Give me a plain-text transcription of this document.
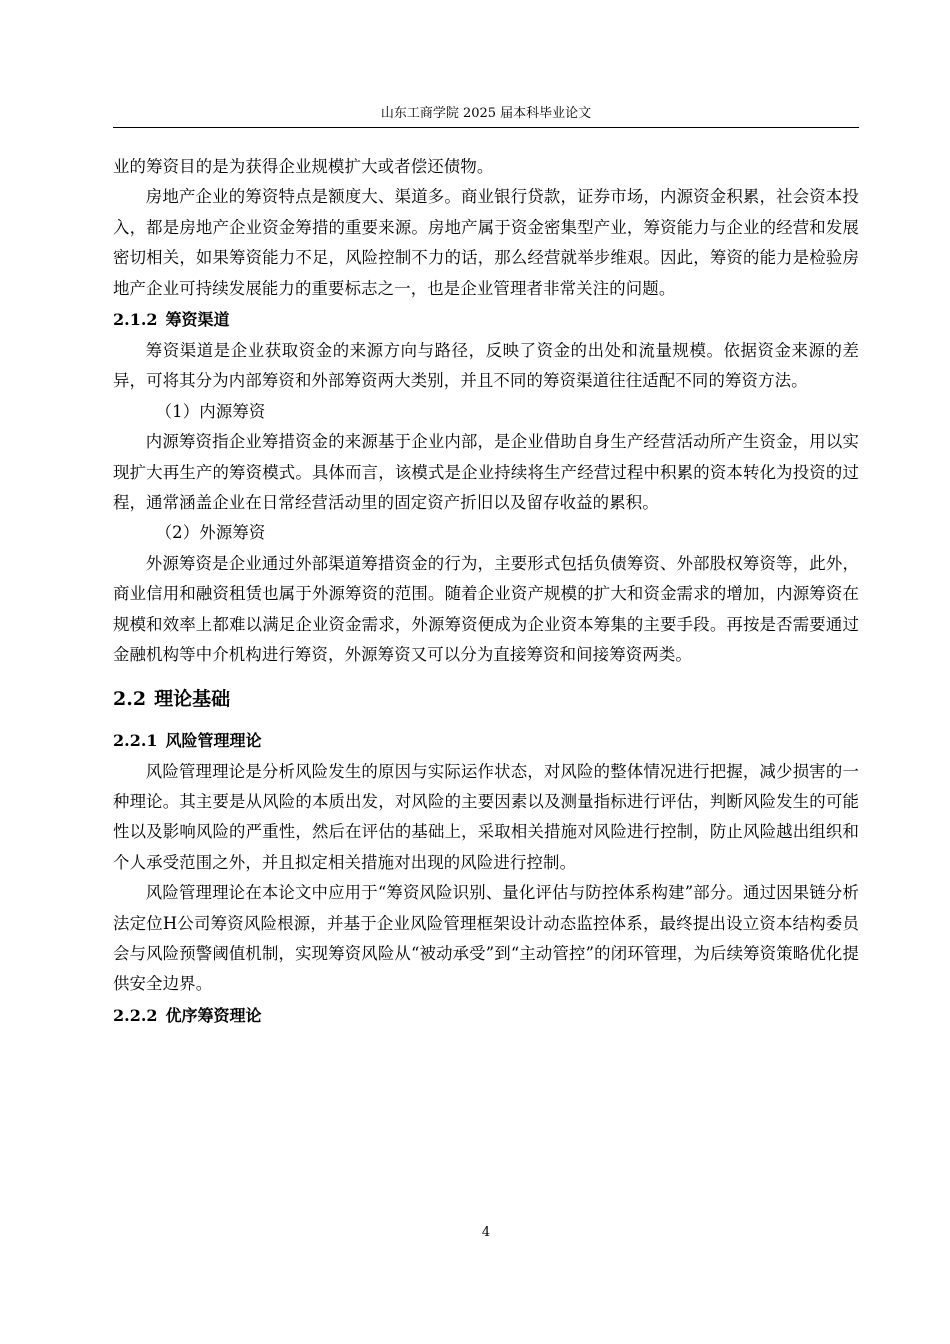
山东工商学院 2025 届本科毕业论文

业的筹资目的是为获得企业规模扩大或者偿还债物。

房地产企业的筹资特点是额度大、渠道多。商业银行贷款，证券市场，内源资金积累，社会资本投入，都是房地产企业资金筹措的重要来源。房地产属于资金密集型产业，筹资能力与企业的经营和发展密切相关，如果筹资能力不足，风险控制不力的话，那么经营就举步维艰。因此，筹资的能力是检验房地产企业可持续发展能力的重要标志之一，也是企业管理者非常关注的问题。

2.1.2 筹资渠道

筹资渠道是企业获取资金的来源方向与路径，反映了资金的出处和流量规模。依据资金来源的差异，可将其分为内部筹资和外部筹资两大类别，并且不同的筹资渠道往往适配不同的筹资方法。

（1）内源筹资

内源筹资指企业筹措资金的来源基于企业内部，是企业借助自身生产经营活动所产生资金，用以实现扩大再生产的筹资模式。具体而言，该模式是企业持续将生产经营过程中积累的资本转化为投资的过程，通常涵盖企业在日常经营活动里的固定资产折旧以及留存收益的累积。

（2）外源筹资

外源筹资是企业通过外部渠道筹措资金的行为，主要形式包括负债筹资、外部股权筹资等，此外，商业信用和融资租赁也属于外源筹资的范围。随着企业资产规模的扩大和资金需求的增加，内源筹资在规模和效率上都难以满足企业资金需求，外源筹资便成为企业资本筹集的主要手段。再按是否需要通过金融机构等中介机构进行筹资，外源筹资又可以分为直接筹资和间接筹资两类。

2.2 理论基础
2.2.1 风险管理理论

风险管理理论是分析风险发生的原因与实际运作状态，对风险的整体情况进行把握，减少损害的一种理论。其主要是从风险的本质出发，对风险的主要因素以及测量指标进行评估，判断风险发生的可能性以及影响风险的严重性，然后在评估的基础上，采取相关措施对风险进行控制，防止风险越出组织和个人承受范围之外，并且拟定相关措施对出现的风险进行控制。

风险管理理论在本论文中应用于“筹资风险识别、量化评估与防控体系构建”部分。通过因果链分析法定位H公司筹资风险根源，并基于企业风险管理框架设计动态监控体系，最终提出设立资本结构委员会与风险预警阈值机制，实现筹资风险从“被动承受”到“主动管控”的闭环管理，为后续筹资策略优化提供安全边界。

2.2.2 优序筹资理论
4
